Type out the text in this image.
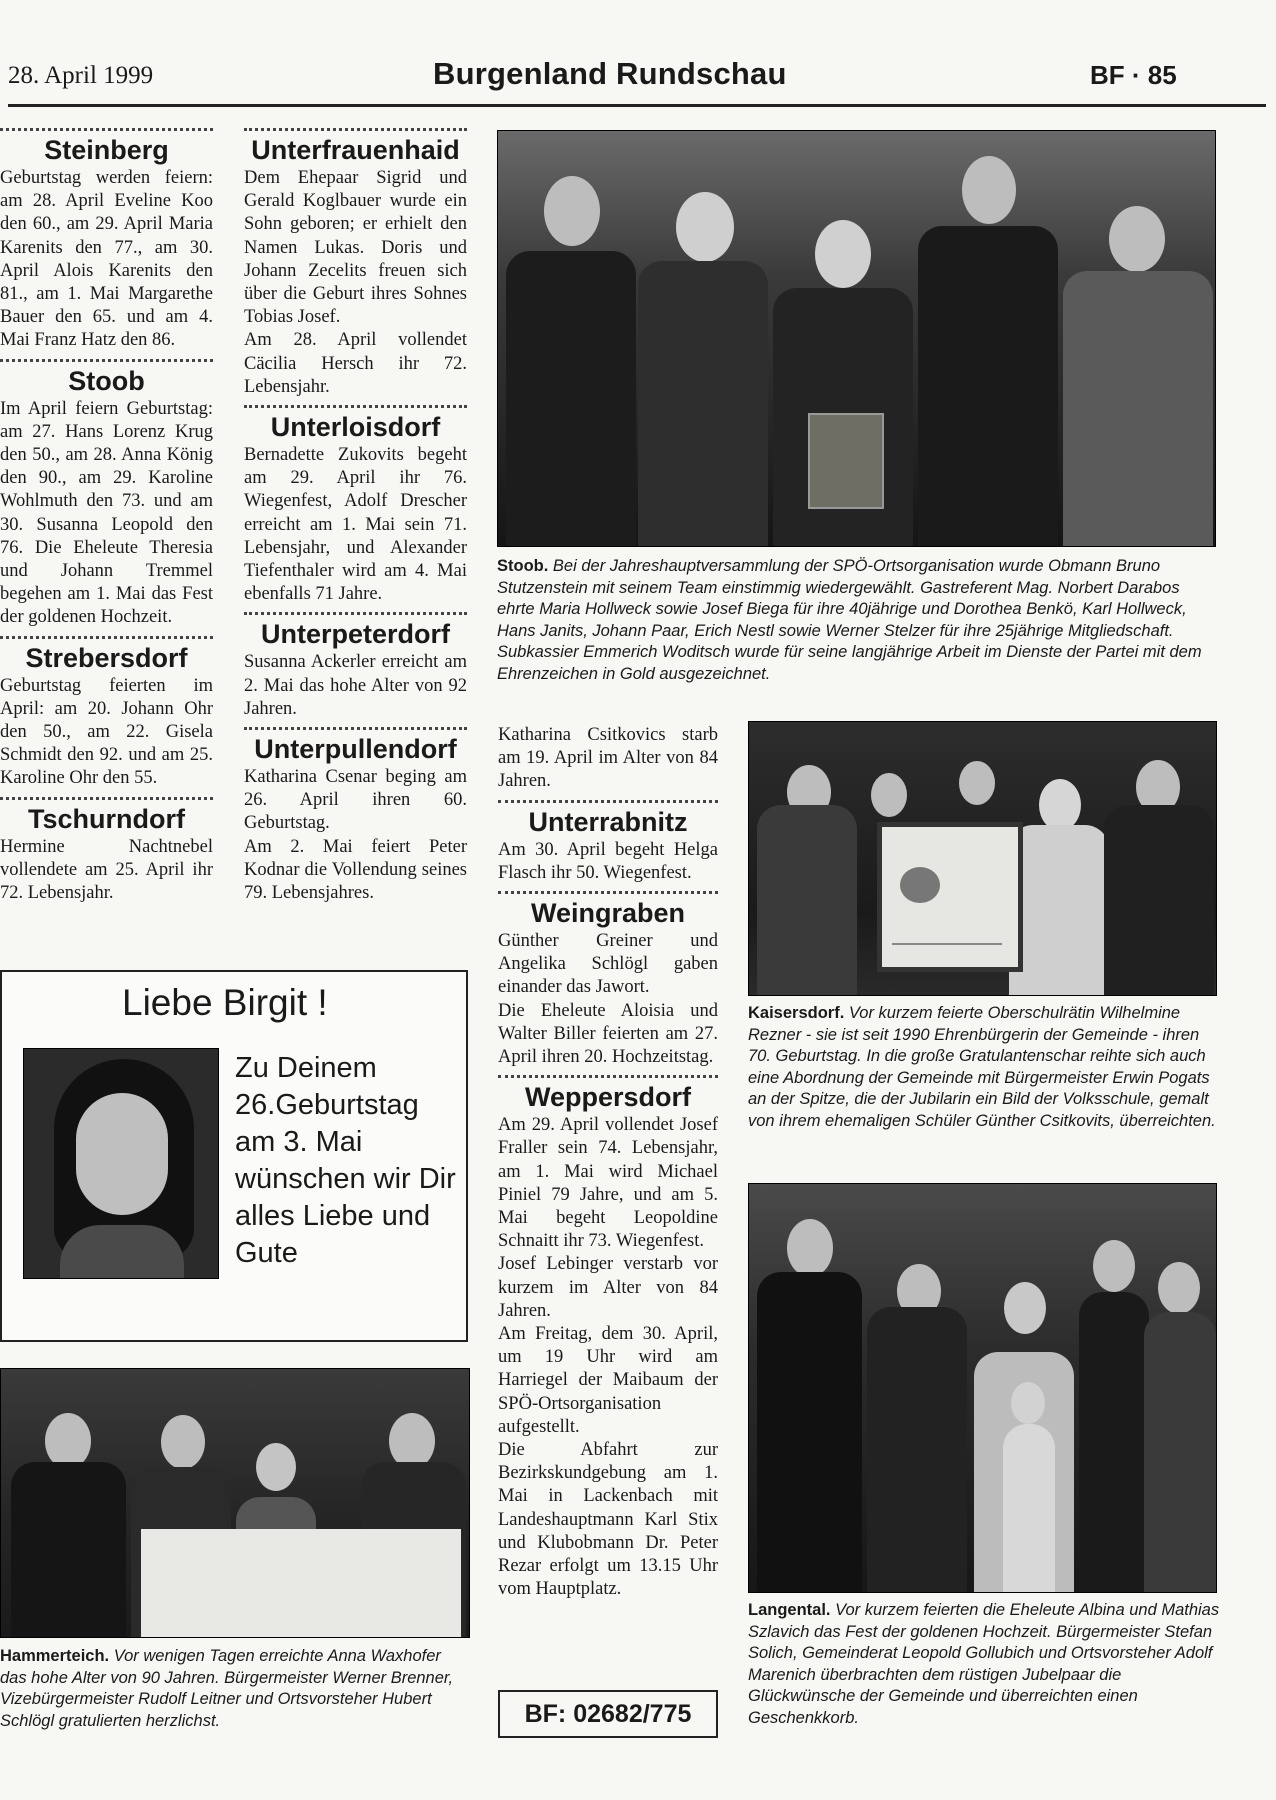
28. April 1999	Burgenland Rundschau	BF · 85
Steinberg

Geburtstag werden feiern: am 28. April Eveline Koo den 60., am 29. April Maria Karenits den 77., am 30. April Alois Karenits den 81., am 1. Mai Margarethe Bauer den 65. und am 4. Mai Franz Hatz den 86.

Stoob

Im April feiern Geburtstag: am 27. Hans Lorenz Krug den 50., am 28. Anna König den 90., am 29. Karoline Wohlmuth den 73. und am 30. Susanna Leopold den 76. Die Eheleute Theresia und Johann Tremmel begehen am 1. Mai das Fest der goldenen Hochzeit.

Strebersdorf

Geburtstag feierten im April: am 20. Johann Ohr den 50., am 22. Gisela Schmidt den 92. und am 25. Karoline Ohr den 55.

Tschurndorf

Hermine Nachtnebel vollendete am 25. April ihr 72. Lebensjahr.

Unterfrauenhaid

Dem Ehepaar Sigrid und Gerald Koglbauer wurde ein Sohn geboren; er erhielt den Namen Lukas. Doris und Johann Zecelits freuen sich über die Geburt ihres Sohnes Tobias Josef.

Am 28. April vollendet Cäcilia Hersch ihr 72. Lebensjahr.

Unterloisdorf

Bernadette Zukovits begeht am 29. April ihr 76. Wiegenfest, Adolf Drescher erreicht am 1. Mai sein 71. Lebensjahr, und Alexander Tiefenthaler wird am 4. Mai ebenfalls 71 Jahre.

Unterpeterdorf

Susanna Ackerler erreicht am 2. Mai das hohe Alter von 92 Jahren.

Unterpullendorf

Katharina Csenar beging am 26. April ihren 60. Geburtstag.

Am 2. Mai feiert Peter Kodnar die Vollendung seines 79. Lebensjahres.

Stoob. Bei der Jahreshauptversammlung der SPÖ-Ortsorganisation wurde Obmann Bruno Stutzenstein mit seinem Team einstimmig wiedergewählt. Gastreferent Mag. Norbert Darabos ehrte Maria Hollweck sowie Josef Biega für ihre 40jährige und Dorothea Benkö, Karl Hollweck, Hans Janits, Johann Paar, Erich Nestl sowie Werner Stelzer für ihre 25jährige Mitgliedschaft. Subkassier Emmerich Woditsch wurde für seine langjährige Arbeit im Dienste der Partei mit dem Ehrenzeichen in Gold ausgezeichnet.

Katharina Csitkovics starb am 19. April im Alter von 84 Jahren.

Unterrabnitz

Am 30. April begeht Helga Flasch ihr 50. Wiegenfest.

Weingraben

Günther Greiner und Angelika Schlögl gaben einander das Jawort.

Die Eheleute Aloisia und Walter Biller feierten am 27. April ihren 20. Hochzeitstag.

Weppersdorf

Am 29. April vollendet Josef Fraller sein 74. Lebensjahr, am 1. Mai wird Michael Piniel 79 Jahre, und am 5. Mai begeht Leopoldine Schnaitt ihr 73. Wiegenfest.

Josef Lebinger verstarb vor kurzem im Alter von 84 Jahren.

Am Freitag, dem 30. April, um 19 Uhr wird am Harriegel der Maibaum der SPÖ-Ortsorganisation aufgestellt.

Die Abfahrt zur Bezirkskundgebung am 1. Mai in Lackenbach mit Landeshauptmann Karl Stix und Klubobmann Dr. Peter Rezar erfolgt um 13.15 Uhr vom Hauptplatz.

Kaisersdorf. Vor kurzem feierte Oberschulrätin Wilhelmine Rezner - sie ist seit 1990 Ehrenbürgerin der Gemeinde - ihren 70. Geburtstag. In die große Gratulantenschar reihte sich auch eine Abordnung der Gemeinde mit Bürgermeister Erwin Pogats an der Spitze, die der Jubilarin ein Bild der Volksschule, gemalt von ihrem ehemaligen Schüler Günther Csitkovits, überreichten.
Langental. Vor kurzem feierten die Eheleute Albina und Mathias Szlavich das Fest der goldenen Hochzeit. Bürgermeister Stefan Solich, Gemeinderat Leopold Gollubich und Ortsvorsteher Adolf Marenich überbrachten dem rüstigen Jubelpaar die Glückwünsche der Gemeinde und überreichten einen Geschenkkorb.
Liebe Birgit !
Zu Deinem 26.Geburtstag am 3. Mai wünschen wir Dir alles Liebe und Gute
Hammerteich. Vor wenigen Tagen erreichte Anna Waxhofer das hohe Alter von 90 Jahren. Bürgermeister Werner Brenner, Vizebürgermeister Rudolf Leitner und Ortsvorsteher Hubert Schlögl gratulierten herzlichst.	BF: 02682/775
